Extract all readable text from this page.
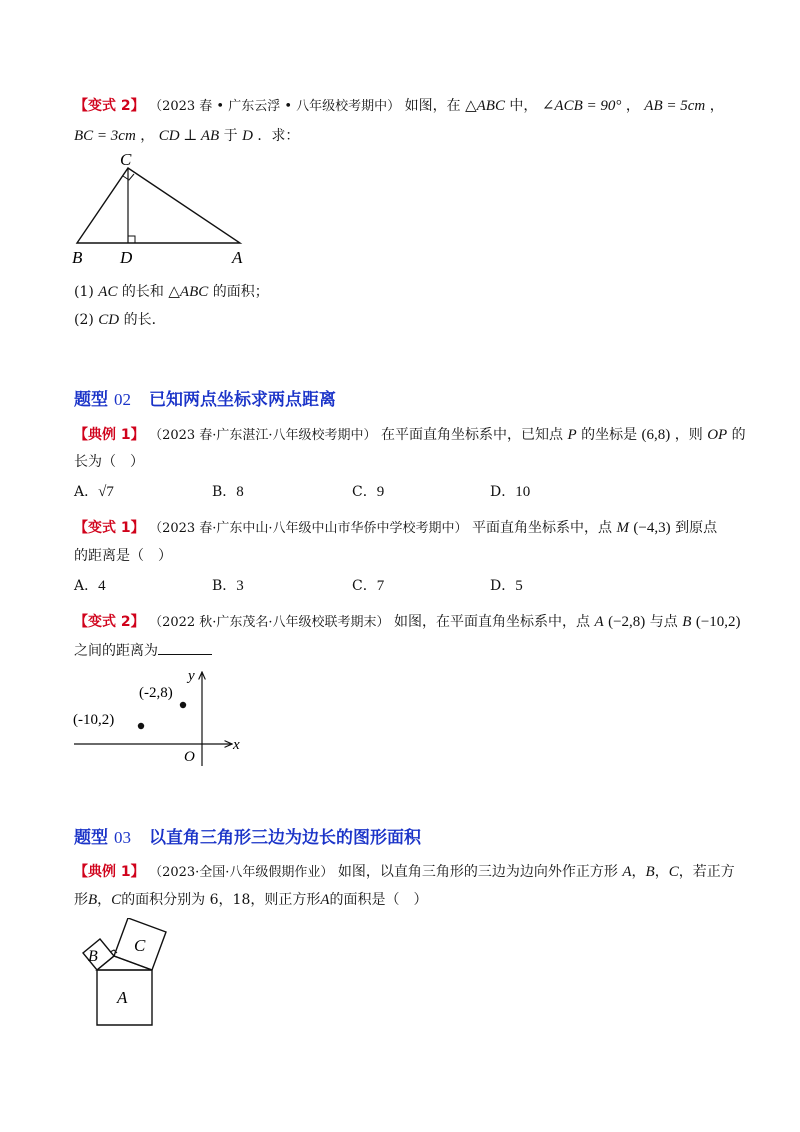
【变式 2】 （2023 春 • 广东云浮 • 八年级校考期中） 如图，在 △ABC 中， ∠ACB = 90° ， AB = 5cm ，
BC = 3cm ， CD ⊥ AB 于 D ．求：
C
B D	A
(1) AC 的长和 △ABC 的面积；
(2) CD 的长．
题型 02 已知两点坐标求两点距离
【典例 1】 （2023 春·广东湛江·八年级校考期中） 在平面直角坐标系中，已知点 P 的坐标是 (6,8) ，则 OP 的
长为（　）
A．√7	B．8	C．9	D．10
【变式 1】 （2023 春·广东中山·八年级中山市华侨中学校考期中） 平面直角坐标系中，点 M (−4,3) 到原点
的距离是（　）
A．4	B．3	C．7	D．5
【变式 2】 （2022 秋·广东茂名·八年级校联考期末） 如图，在平面直角坐标系中，点 A (−2,8) 与点 B (−10,2)
之间的距离为
y
x
O
(-2,8)
(-10,2)
题型 03 以直角三角形三边为边长的图形面积
【典例 1】 （2023·全国·八年级假期作业） 如图，以直角三角形的三边为边向外作正方形 A，B，C，若正方
形B，C的面积分别为 6，18，则正方形A的面积是（　）
A
B
C
